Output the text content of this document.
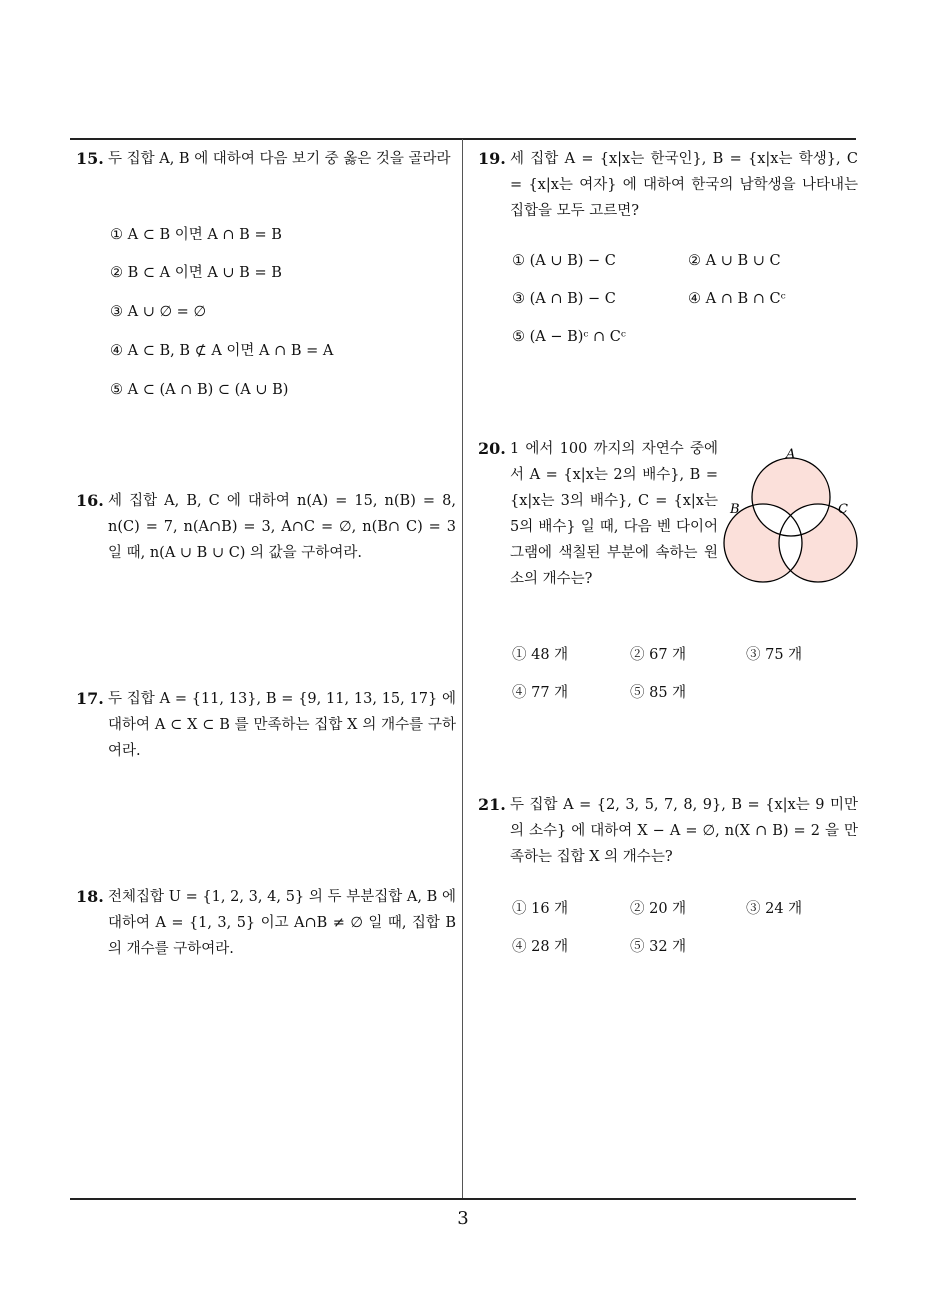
15. 두 집합 A, B 에 대하여 다음 보기 중 옳은 것을 골라라
① A ⊂ B 이면 A ∩ B = B
② B ⊂ A 이면 A ∪ B = B
③ A ∪ ∅ = ∅
④ A ⊂ B, B ⊄ A 이면 A ∩ B = A
⑤ A ⊂ (A ∩ B) ⊂ (A ∪ B)
16. 세 집합 A, B, C 에 대하여 n(A) = 15, n(B) = 8, n(C) = 7, n(A∩B) = 3, A∩C = ∅, n(B∩ C) = 3 일 때, n(A ∪ B ∪ C) 의 값을 구하여라.
17. 두 집합 A = {11, 13}, B = {9, 11, 13, 15, 17} 에 대하여 A ⊂ X ⊂ B 를 만족하는 집합 X 의 개수를 구하여라.
18. 전체집합 U = {1, 2, 3, 4, 5} 의 두 부분집합 A, B 에 대하여 A = {1, 3, 5} 이고 A∩B ≠ ∅ 일 때, 집합 B 의 개수를 구하여라.
19. 세 집합 A = {x|x는 한국인}, B = {x|x는 학생}, C = {x|x는 여자} 에 대하여 한국의 남학생을 나타내는 집합을 모두 고르면?
① (A ∪ B) − C	② A ∪ B ∪ C
③ (A ∩ B) − C	④ A ∩ B ∩ Cᶜ
⑤ (A − B)ᶜ ∩ Cᶜ
20. 1 에서 100 까지의 자연수 중에서 A = {x|x는 2의 배수}, B = {x|x는 3의 배수}, C = {x|x는 5의 배수} 일 때, 다음 벤 다이어그램에 색칠된 부분에 속하는 원소의 개수는?
① 48 개	② 67 개	③ 75 개
④ 77 개	⑤ 85 개
A
B	C
21. 두 집합 A = {2, 3, 5, 7, 8, 9}, B = {x|x는 9 미만의 소수} 에 대하여 X − A = ∅, n(X ∩ B) = 2 을 만족하는 집합 X 의 개수는?
① 16 개	② 20 개	③ 24 개
④ 28 개	⑤ 32 개
3
